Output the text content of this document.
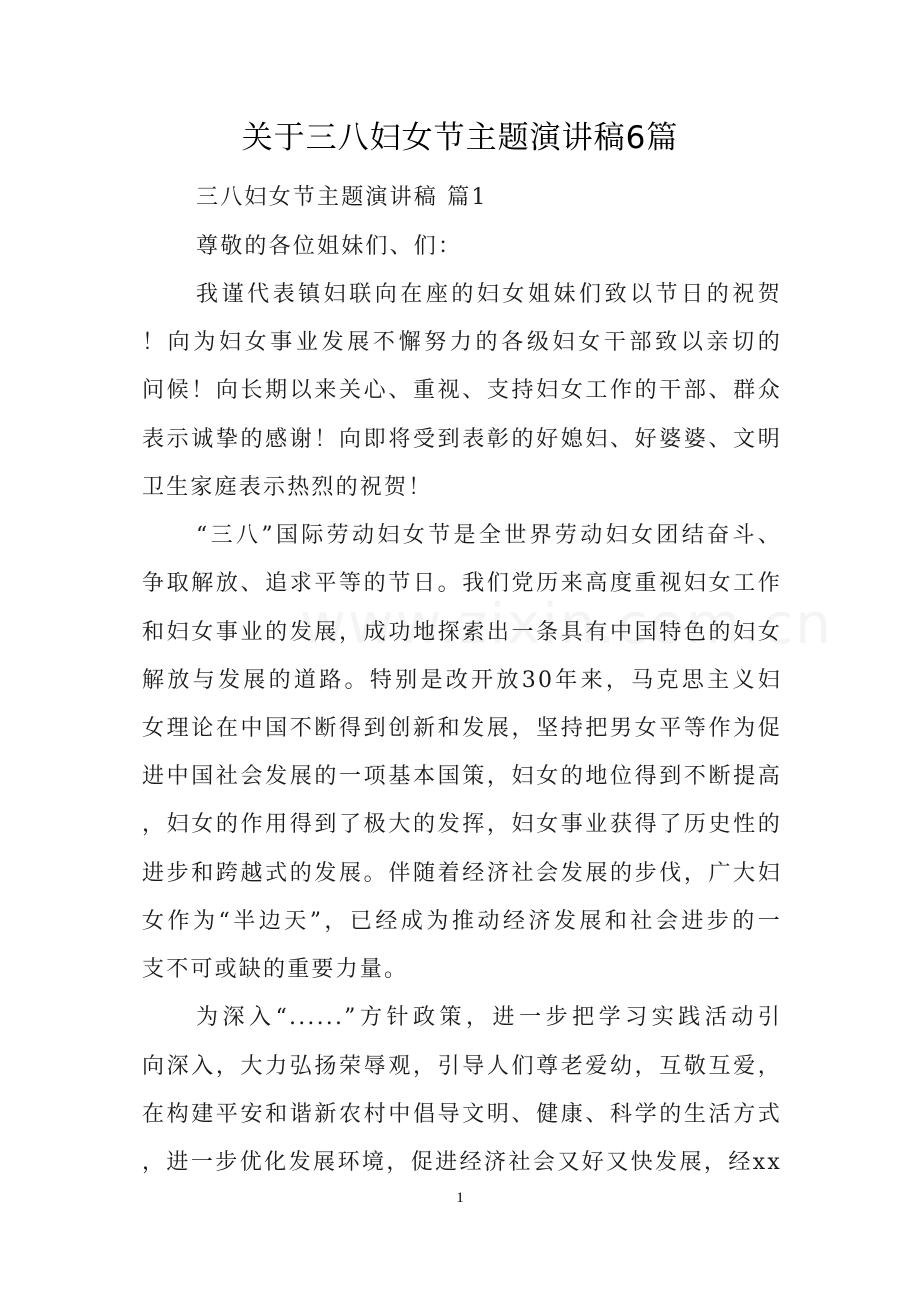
关于三八妇女节主题演讲稿6篇
三八妇女节主题演讲稿 篇1
尊敬的各位姐妹们、们：
我谨代表镇妇联向在座的妇女姐妹们致以节日的祝贺
！向为妇女事业发展不懈努力的各级妇女干部致以亲切的
问候！向长期以来关心、重视、支持妇女工作的干部、群众
表示诚挚的感谢！向即将受到表彰的好媳妇、好婆婆、文明
卫生家庭表示热烈的祝贺！
“三八”国际劳动妇女节是全世界劳动妇女团结奋斗、
争取解放、追求平等的节日。我们党历来高度重视妇女工作
和妇女事业的发展，成功地探索出一条具有中国特色的妇女
解放与发展的道路。特别是改开放30年来，马克思主义妇
女理论在中国不断得到创新和发展，坚持把男女平等作为促
进中国社会发展的一项基本国策，妇女的地位得到不断提高
，妇女的作用得到了极大的发挥，妇女事业获得了历史性的
进步和跨越式的发展。伴随着经济社会发展的步伐，广大妇
女作为“半边天”，已经成为推动经济发展和社会进步的一
支不可或缺的重要力量。
为深入“......”方针政策，进一步把学习实践活动引
向深入，大力弘扬荣辱观，引导人们尊老爱幼，互敬互爱，
在构建平安和谐新农村中倡导文明、健康、科学的生活方式
，进一步优化发展环境，促进经济社会又好又快发展，经xx
1
